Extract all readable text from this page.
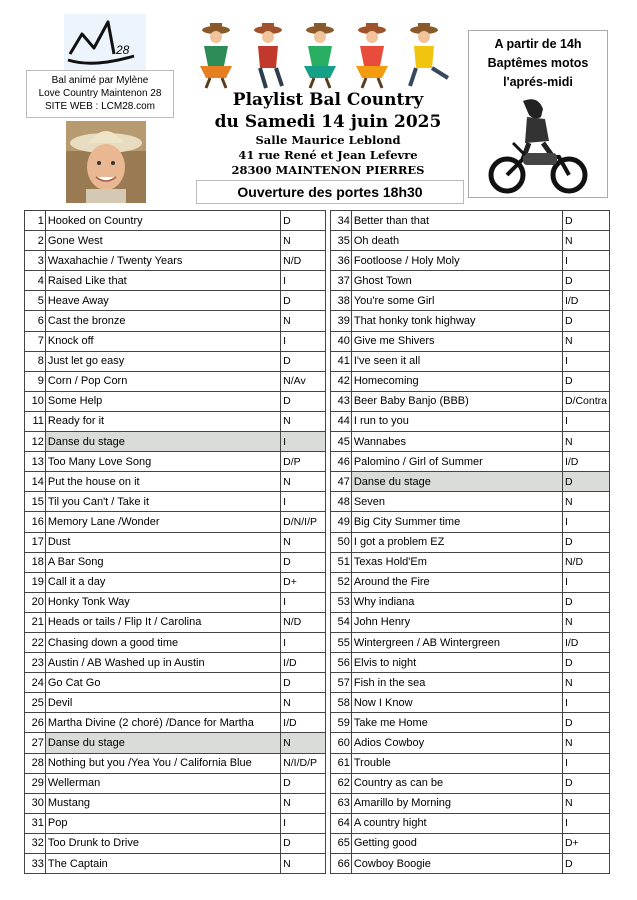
28
Bal animé par Mylène
Love Country Maintenon 28
SITE WEB : LCM28.com	Playlist Bal Country
du Samedi 14 juin 2025
Salle Maurice Leblond
41 rue René et Jean Lefevre
28300 MAINTENON PIERRES
Ouverture des portes 18h30
A partir de 14h
Baptêmes motos
l'aprés-midi
1	Hooked on Country	D
2	Gone West	N
3	Waxahachie / Twenty Years	N/D
4	Raised Like that	I
5	Heave Away	D
6	Cast the bronze	N
7	Knock off	I
8	Just let go easy	D
9	Corn / Pop Corn	N/Av
10	Some Help	D
11	Ready for it	N
12	Danse du stage	I
13	Too Many Love Song	D/P
14	Put the house on it	N
15	Til you Can't / Take it	I
16	Memory Lane /Wonder	D/N/I/P
17	Dust	N
18	A Bar Song	D
19	Call it a day	D+
20	Honky Tonk Way	I
21	Heads or tails / Flip It / Carolina	N/D
22	Chasing down a good time	I
23	Austin / AB Washed up in Austin	I/D
24	Go Cat Go	D
25	Devil	N
26	Martha Divine (2 choré) /Dance for Martha	I/D
27	Danse du stage	N
28	Nothing but you /Yea You / California Blue	N/I/D/P
29	Wellerman	D
30	Mustang	N
31	Pop	I
32	Too Drunk to Drive	D
33	The Captain	N
34	Better than that	D
35	Oh death	N
36	Footloose / Holy Moly	I
37	Ghost Town	D
38	You're some Girl	I/D
39	That honky tonk highway	D
40	Give me Shivers	N
41	I've seen it all	I
42	Homecoming	D
43	Beer Baby Banjo (BBB)	D/Contra
44	I run to you	I
45	Wannabes	N
46	Palomino / Girl of Summer	I/D
47	Danse du stage	D
48	Seven	N
49	Big City Summer time	I
50	I got a problem EZ	D
51	Texas Hold'Em	N/D
52	Around the Fire	I
53	Why indiana	D
54	John Henry	N
55	Wintergreen / AB Wintergreen	I/D
56	Elvis to night	D
57	Fish in the sea	N
58	Now I Know	I
59	Take me Home	D
60	Adios Cowboy	N
61	Trouble	I
62	Country as can be	D
63	Amarillo by Morning	N
64	A country hight	I
65	Getting good	D+
66	Cowboy Boogie	D
